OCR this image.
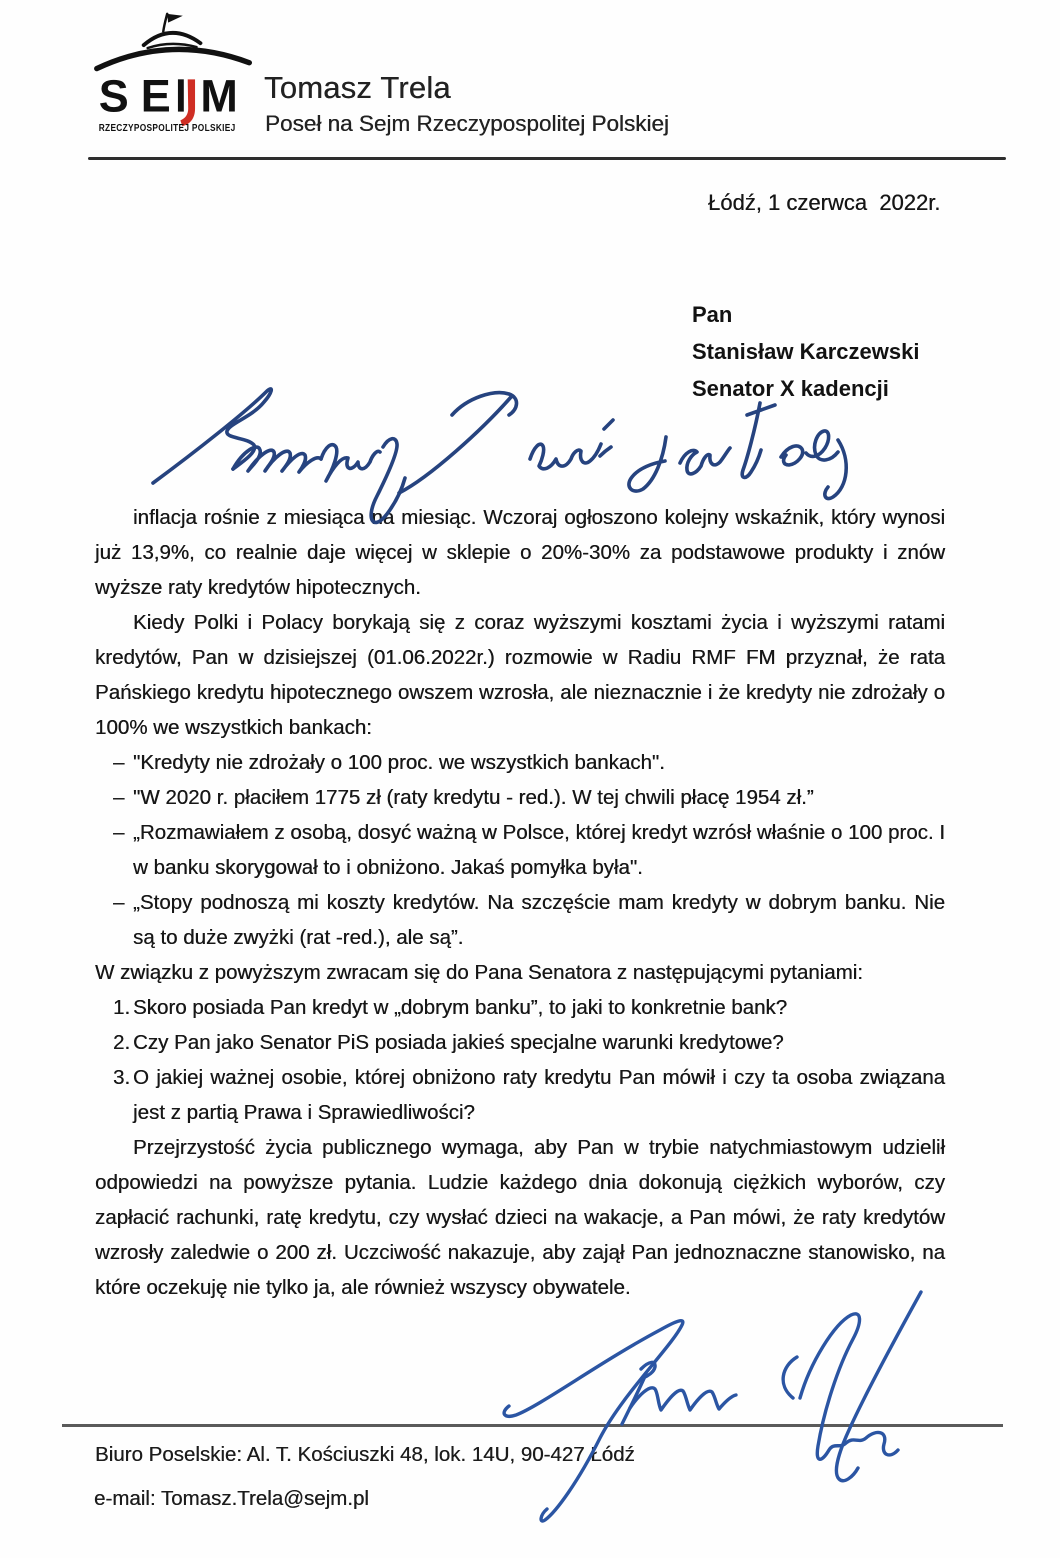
S E M
RZECZYPOSPOLITEJ POLSKIEJ
Tomasz Trela
Poseł na Sejm Rzeczypospolitej Polskiej
Łódź, 1 czerwca  2022r.
Pan
Stanisław Karczewski
Senator X kadencji

inflacja rośnie z miesiąca na miesiąc. Wczoraj ogłoszono kolejny wskaźnik, który wynosi już 13,9%, co realnie daje więcej w sklepie o 20%-30% za podstawowe produkty i znów wyższe raty kredytów hipotecznych.

Kiedy Polki i Polacy borykają się z coraz wyższymi kosztami życia i wyższymi ratami kredytów, Pan w dzisiejszej (01.06.2022r.) rozmowie w Radiu RMF FM przyznał, że rata Pańskiego kredytu hipotecznego owszem wzrosła, ale nieznacznie i że kredyty nie zdrożały o 100% we wszystkich bankach:

– "Kredyty nie zdrożały o 100 proc. we wszystkich bankach".
– "W 2020 r. płaciłem 1775 zł (raty kredytu - red.). W tej chwili płacę 1954 zł.”
– „Rozmawiałem z osobą, dosyć ważną w Polsce, której kredyt wzrósł właśnie o 100 proc. I w banku skorygował to i obniżono. Jakaś pomyłka była".
– „Stopy podnoszą mi koszty kredytów. Na szczęście mam kredyty w dobrym banku. Nie są to duże zwyżki (rat -red.), ale są”.

W związku z powyższym zwracam się do Pana Senatora z następującymi pytaniami:

1. Skoro posiada Pan kredyt w „dobrym banku”, to jaki to konkretnie bank?
2. Czy Pan jako Senator PiS posiada jakieś specjalne warunki kredytowe?
3. O jakiej ważnej osobie, której obniżono raty kredytu Pan mówił i czy ta osoba związana jest z partią Prawa i Sprawiedliwości?

Przejrzystość życia publicznego wymaga, aby Pan w trybie natychmiastowym udzielił odpowiedzi na powyższe pytania. Ludzie każdego dnia dokonują ciężkich wyborów, czy zapłacić rachunki, ratę kredytu, czy wysłać dzieci na wakacje, a Pan mówi, że raty kredytów wzrosły zaledwie o 200 zł. Uczciwość nakazuje, aby zajął Pan jednoznaczne stanowisko, na które oczekuję nie tylko ja, ale również wszyscy obywatele.

Biuro Poselskie: Al. T. Kościuszki 48, lok. 14U, 90-427 Łódź
e-mail: Tomasz.Trela@sejm.pl
